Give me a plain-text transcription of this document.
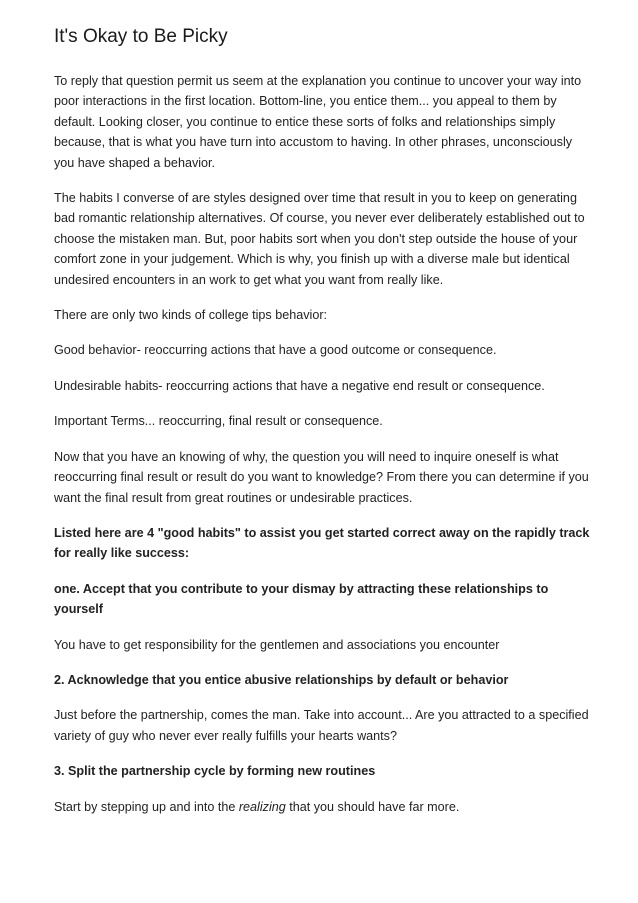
It's Okay to Be Picky

To reply that question permit us seem at the explanation you continue to uncover your way into poor interactions in the first location. Bottom-line, you entice them... you appeal to them by default. Looking closer, you continue to entice these sorts of folks and relationships simply because, that is what you have turn into accustom to having. In other phrases, unconsciously you have shaped a behavior.

The habits I converse of are styles designed over time that result in you to keep on generating bad romantic relationship alternatives. Of course, you never ever deliberately established out to choose the mistaken man. But, poor habits sort when you don't step outside the house of your comfort zone in your judgement. Which is why, you finish up with a diverse male but identical undesired encounters in an work to get what you want from really like.

There are only two kinds of college tips behavior:

Good behavior- reoccurring actions that have a good outcome or consequence.

Undesirable habits- reoccurring actions that have a negative end result or consequence.

Important Terms... reoccurring, final result or consequence.

Now that you have an knowing of why, the question you will need to inquire oneself is what reoccurring final result or result do you want to knowledge? From there you can determine if you want the final result from great routines or undesirable practices.

Listed here are 4 "good habits" to assist you get started correct away on the rapidly track for really like success:

one. Accept that you contribute to your dismay by attracting these relationships to yourself

You have to get responsibility for the gentlemen and associations you encounter

2. Acknowledge that you entice abusive relationships by default or behavior

Just before the partnership, comes the man. Take into account... Are you attracted to a specified variety of guy who never ever really fulfills your hearts wants?

3. Split the partnership cycle by forming new routines

Start by stepping up and into the realizing that you should have far more.
